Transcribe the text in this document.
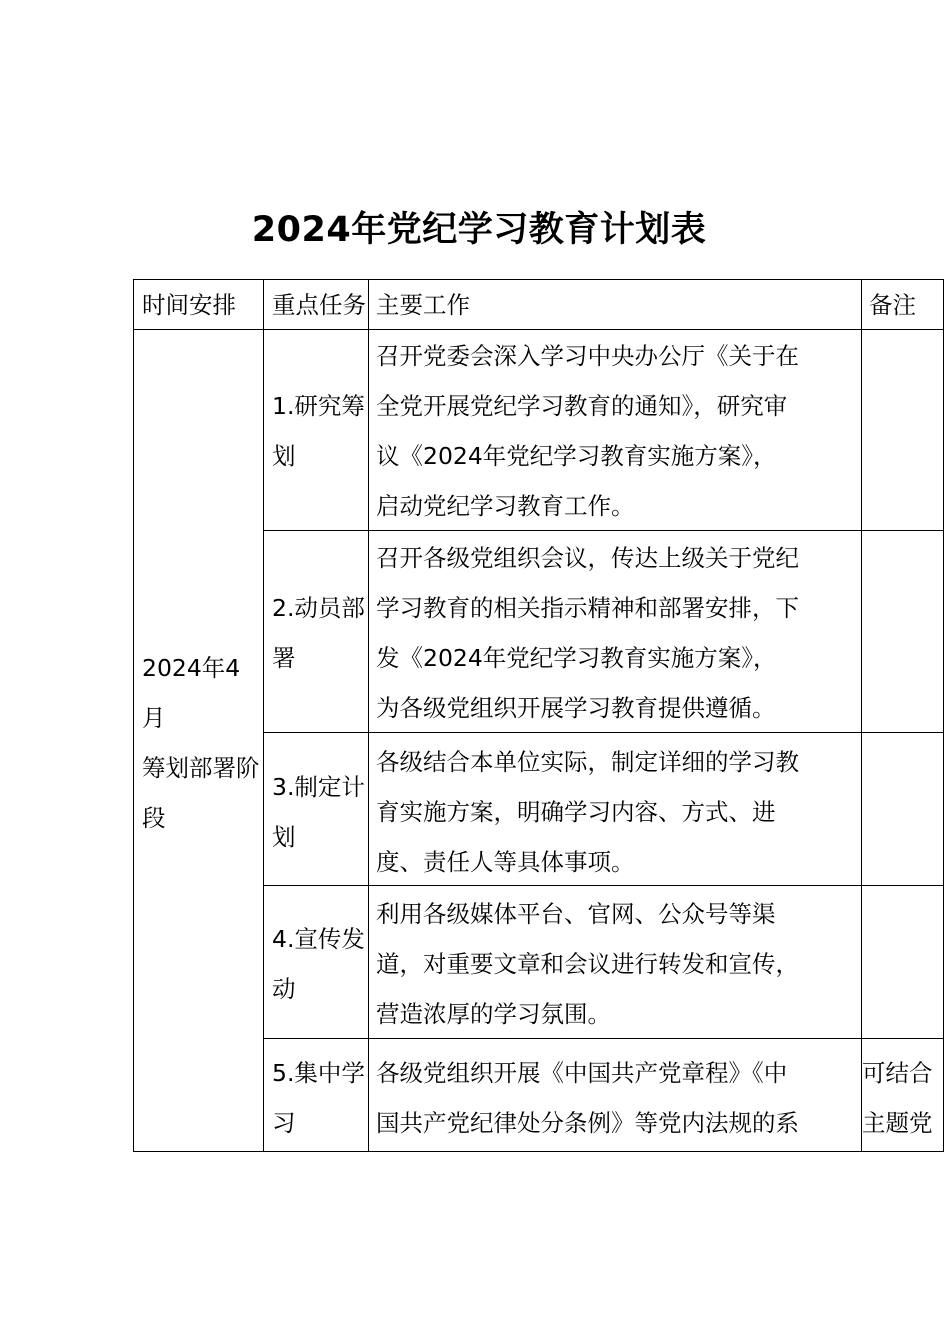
2024年党纪学习教育计划表
时间安排 重点任务 主要工作	备注
2024年4
月
筹划部署阶
段
1.研究筹
划
召开党委会深入学习中央办公厅《关于在
全党开展党纪学习教育的通知》，研究审
议《2024年党纪学习教育实施方案》，
启动党纪学习教育工作。
2.动员部
署
召开各级党组织会议，传达上级关于党纪
学习教育的相关指示精神和部署安排，下
发《2024年党纪学习教育实施方案》，
为各级党组织开展学习教育提供遵循。
3.制定计
划
各级结合本单位实际，制定详细的学习教
育实施方案，明确学习内容、方式、进
度、责任人等具体事项。
4.宣传发
动
利用各级媒体平台、官网、公众号等渠
道，对重要文章和会议进行转发和宣传，
营造浓厚的学习氛围。
5.集中学
习
各级党组织开展《中国共产党章程》《中
国共产党纪律处分条例》等党内法规的系
可结合
主题党
